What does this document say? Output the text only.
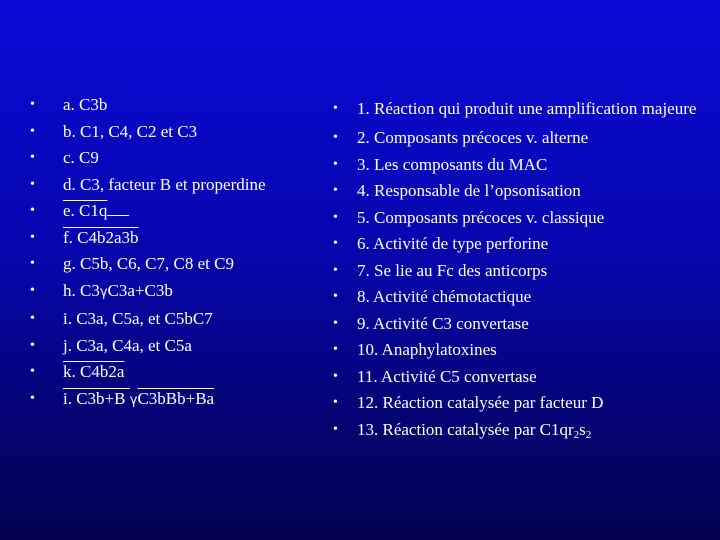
• a. C3b
• b. C1, C4, C2 et C3
• c. C9
• d. C3, facteur B et properdine
• e. C1q
• f. C4b2a3b
• g. C5b, C6, C7, C8 et C9
• h. C3γC3a+C3b
• i. C3a, C5a, et C5bC7
• j. C3a, C4a, et C5a
• k. C4b2a
• i. C3b+B γC3bBb+Ba
• 1. Réaction qui produit une amplification majeure
• 2. Composants précoces v. alterne
• 3. Les composants du MAC
• 4. Responsable de l’opsonisation
• 5. Composants précoces v. classique
• 6. Activité de type perforine
• 7. Se lie au Fc des anticorps
• 8. Activité chémotactique
• 9. Activité C3 convertase
• 10. Anaphylatoxines
• 11. Activité C5 convertase
• 12. Réaction catalysée par facteur D
• 13. Réaction catalysée par $C1qr_2s_2$
